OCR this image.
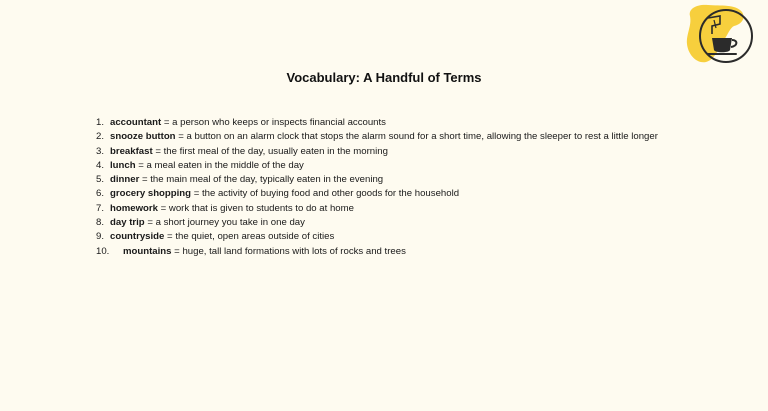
Vocabulary: A Handful of Terms
1. accountant = a person who keeps or inspects financial accounts
2. snooze button = a button on an alarm clock that stops the alarm sound for a short time, allowing the sleeper to rest a little longer
3. breakfast = the first meal of the day, usually eaten in the morning
4. lunch = a meal eaten in the middle of the day
5. dinner = the main meal of the day, typically eaten in the evening
6. grocery shopping = the activity of buying food and other goods for the household
7. homework = work that is given to students to do at home
8. day trip = a short journey you take in one day
9. countryside = the quiet, open areas outside of cities
10. mountains = huge, tall land formations with lots of rocks and trees
